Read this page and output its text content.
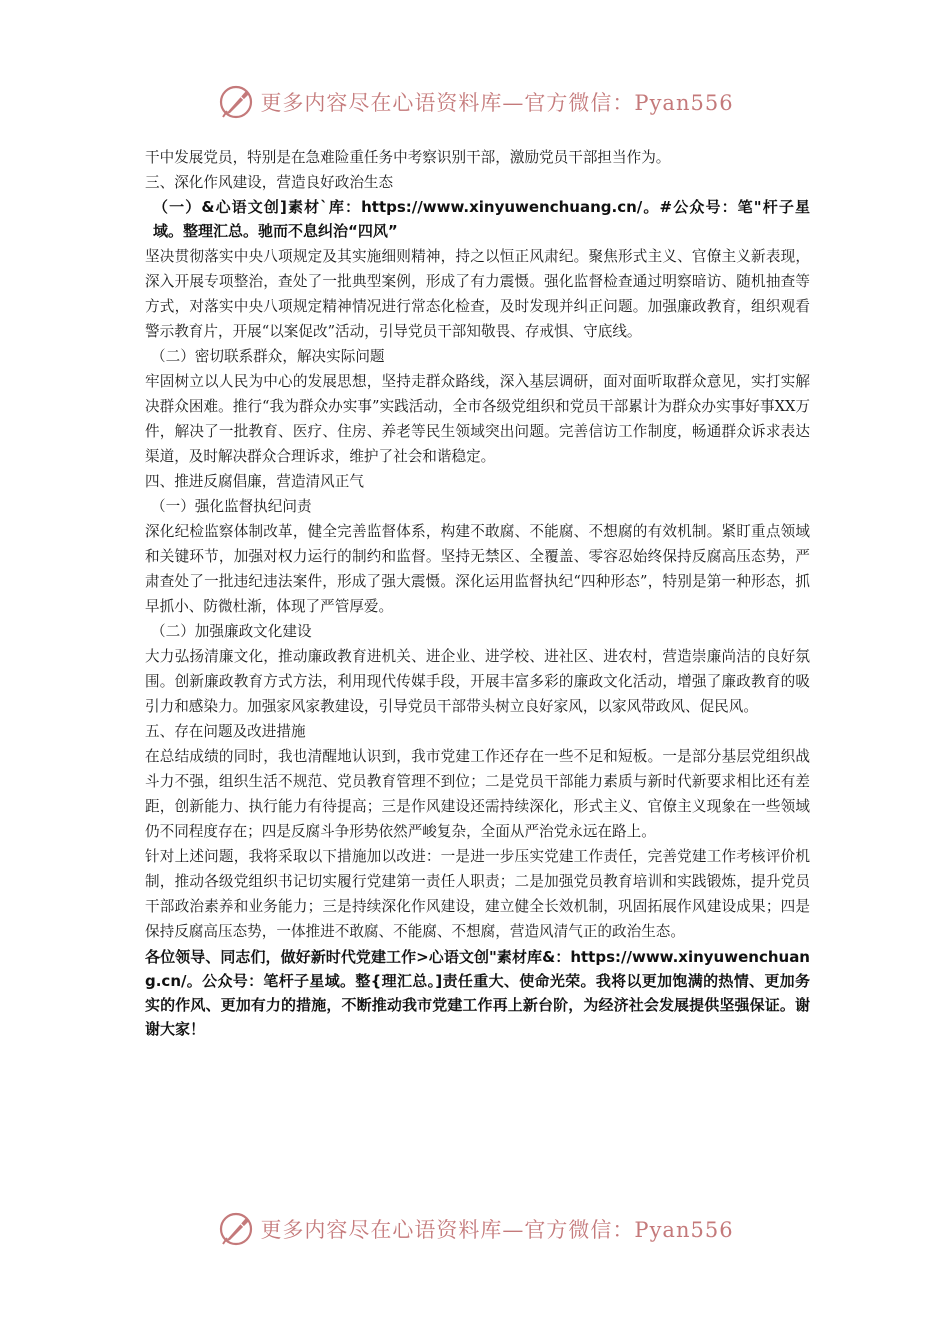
更多内容尽在心语资料库—官方微信：Pyan556

干中发展党员，特别是在急难险重任务中考察识别干部，激励党员干部担当作为。

三、深化作风建设，营造良好政治生态

（一）&心语文创]素材`库：https://www.xinyuwenchuang.cn/。#公众号：笔"杆子星域。整理汇总。驰而不息纠治“四风”

坚决贯彻落实中央八项规定及其实施细则精神，持之以恒正风肃纪。聚焦形式主义、官僚主义新表现，深入开展专项整治，查处了一批典型案例，形成了有力震慑。强化监督检查通过明察暗访、随机抽查等方式，对落实中央八项规定精神情况进行常态化检查，及时发现并纠正问题。加强廉政教育，组织观看警示教育片，开展“以案促改”活动，引导党员干部知敬畏、存戒惧、守底线。

（二）密切联系群众，解决实际问题

牢固树立以人民为中心的发展思想，坚持走群众路线，深入基层调研，面对面听取群众意见，实打实解决群众困难。推行“我为群众办实事”实践活动，全市各级党组织和党员干部累计为群众办实事好事XX万件，解决了一批教育、医疗、住房、养老等民生领域突出问题。完善信访工作制度，畅通群众诉求表达渠道，及时解决群众合理诉求，维护了社会和谐稳定。

四、推进反腐倡廉，营造清风正气

（一）强化监督执纪问责

深化纪检监察体制改革，健全完善监督体系，构建不敢腐、不能腐、不想腐的有效机制。紧盯重点领域和关键环节，加强对权力运行的制约和监督。坚持无禁区、全覆盖、零容忍始终保持反腐高压态势，严肃查处了一批违纪违法案件，形成了强大震慑。深化运用监督执纪“四种形态”，特别是第一种形态，抓早抓小、防微杜渐，体现了严管厚爱。

（二）加强廉政文化建设

大力弘扬清廉文化，推动廉政教育进机关、进企业、进学校、进社区、进农村，营造崇廉尚洁的良好氛围。创新廉政教育方式方法，利用现代传媒手段，开展丰富多彩的廉政文化活动，增强了廉政教育的吸引力和感染力。加强家风家教建设，引导党员干部带头树立良好家风，以家风带政风、促民风。

五、存在问题及改进措施

在总结成绩的同时，我也清醒地认识到，我市党建工作还存在一些不足和短板。一是部分基层党组织战斗力不强，组织生活不规范、党员教育管理不到位；二是党员干部能力素质与新时代新要求相比还有差距，创新能力、执行能力有待提高；三是作风建设还需持续深化，形式主义、官僚主义现象在一些领域仍不同程度存在；四是反腐斗争形势依然严峻复杂，全面从严治党永远在路上。

针对上述问题，我将采取以下措施加以改进：一是进一步压实党建工作责任，完善党建工作考核评价机制，推动各级党组织书记切实履行党建第一责任人职责；二是加强党员教育培训和实践锻炼，提升党员干部政治素养和业务能力；三是持续深化作风建设，建立健全长效机制，巩固拓展作风建设成果；四是保持反腐高压态势，一体推进不敢腐、不能腐、不想腐，营造风清气正的政治生态。

各位领导、同志们，做好新时代党建工作>心语文创"素材库&：https://www.xinyuwenchuang.cn/。公众号：笔杆子星域。整{理汇总。]责任重大、使命光荣。我将以更加饱满的热情、更加务实的作风、更加有力的措施，不断推动我市党建工作再上新台阶，为经济社会发展提供坚强保证。谢谢大家！

更多内容尽在心语资料库—官方微信：Pyan556
